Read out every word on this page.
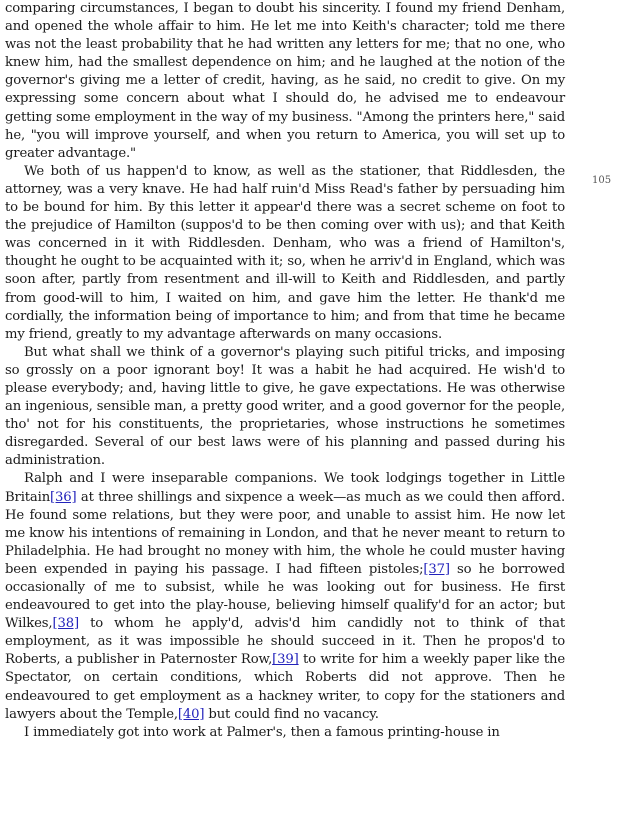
105

comparing circumstances, I began to doubt his sincerity. I found my friend Denham, and opened the whole affair to him. He let me into Keith's character; told me there was not the least probability that he had written any letters for me; that no one, who knew him, had the smallest dependence on him; and he laughed at the notion of the governor's giving me a letter of credit, having, as he said, no credit to give. On my expressing some concern about what I should do, he advised me to endeavour getting some employment in the way of my business. "Among the printers here," said he, "you will improve yourself, and when you return to America, you will set up to greater advantage."

We both of us happen'd to know, as well as the stationer, that Riddlesden, the attorney, was a very knave. He had half ruin'd Miss Read's father by persuading him to be bound for him. By this letter it appear'd there was a secret scheme on foot to the prejudice of Hamilton (suppos'd to be then coming over with us); and that Keith was concerned in it with Riddlesden. Denham, who was a friend of Hamilton's, thought he ought to be acquainted with it; so, when he arriv'd in England, which was soon after, partly from resentment and ill-will to Keith and Riddlesden, and partly from good-will to him, I waited on him, and gave him the letter. He thank'd me cordially, the information being of importance to him; and from that time he became my friend, greatly to my advantage afterwards on many occasions.

But what shall we think of a governor's playing such pitiful tricks, and imposing so grossly on a poor ignorant boy! It was a habit he had acquired. He wish'd to please everybody; and, having little to give, he gave expectations. He was otherwise an ingenious, sensible man, a pretty good writer, and a good governor for the people, tho' not for his constituents, the proprietaries, whose instructions he sometimes disregarded. Several of our best laws were of his planning and passed during his administration.

Ralph and I were inseparable companions. We took lodgings together in Little Britain[36] at three shillings and sixpence a week—as much as we could then afford. He found some relations, but they were poor, and unable to assist him. He now let me know his intentions of remaining in London, and that he never meant to return to Philadelphia. He had brought no money with him, the whole he could muster having been expended in paying his passage. I had fifteen pistoles;[37] so he borrowed occasionally of me to subsist, while he was looking out for business. He first endeavoured to get into the play-house, believing himself qualify'd for an actor; but Wilkes,[38] to whom he apply'd, advis'd him candidly not to think of that employment, as it was impossible he should succeed in it. Then he propos'd to Roberts, a publisher in Paternoster Row,[39] to write for him a weekly paper like the Spectator, on certain conditions, which Roberts did not approve. Then he endeavoured to get employment as a hackney writer, to copy for the stationers and lawyers about the Temple,[40] but could find no vacancy.

I immediately got into work at Palmer's, then a famous printing-house in
